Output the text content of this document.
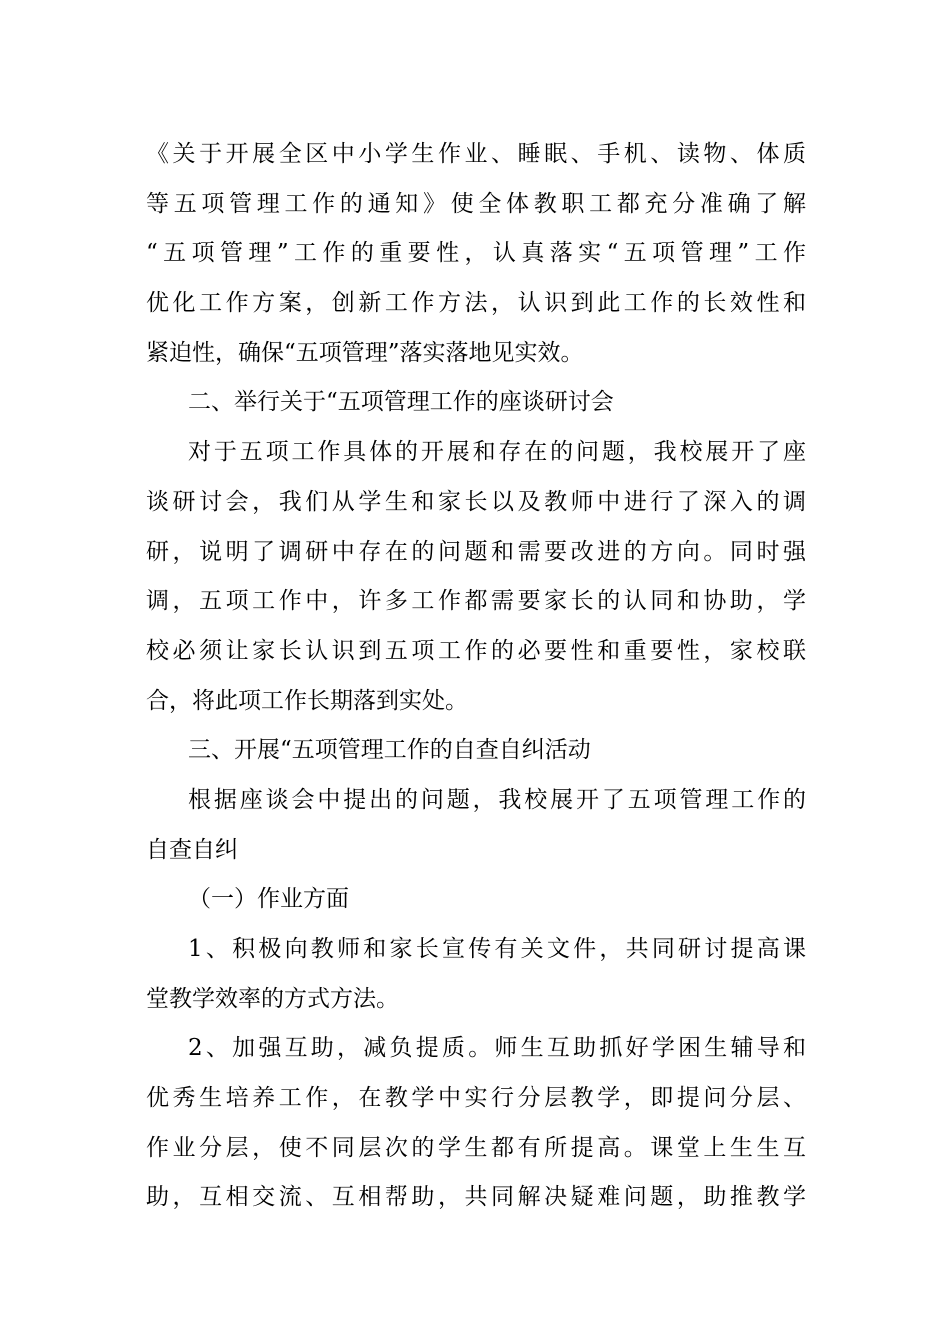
《关于开展全区中小学生作业、睡眠、手机、读物、体质
等五项管理工作的通知》使全体教职工都充分准确了解
“五项管理”工作的重要性，认真落实“五项管理”工作
优化工作方案，创新工作方法，认识到此工作的长效性和
紧迫性，确保“五项管理”落实落地见实效。
二、举行关于“五项管理工作的座谈研讨会
对于五项工作具体的开展和存在的问题，我校展开了座
谈研讨会，我们从学生和家长以及教师中进行了深入的调
研，说明了调研中存在的问题和需要改进的方向。同时强
调，五项工作中，许多工作都需要家长的认同和协助，学
校必须让家长认识到五项工作的必要性和重要性，家校联
合，将此项工作长期落到实处。
三、开展“五项管理工作的自查自纠活动
根据座谈会中提出的问题，我校展开了五项管理工作的
自查自纠
（一）作业方面
1、积极向教师和家长宣传有关文件，共同研讨提高课
堂教学效率的方式方法。
2、加强互助，减负提质。师生互助抓好学困生辅导和
优秀生培养工作，在教学中实行分层教学，即提问分层、
作业分层，使不同层次的学生都有所提高。课堂上生生互
助，互相交流、互相帮助，共同解决疑难问题，助推教学
